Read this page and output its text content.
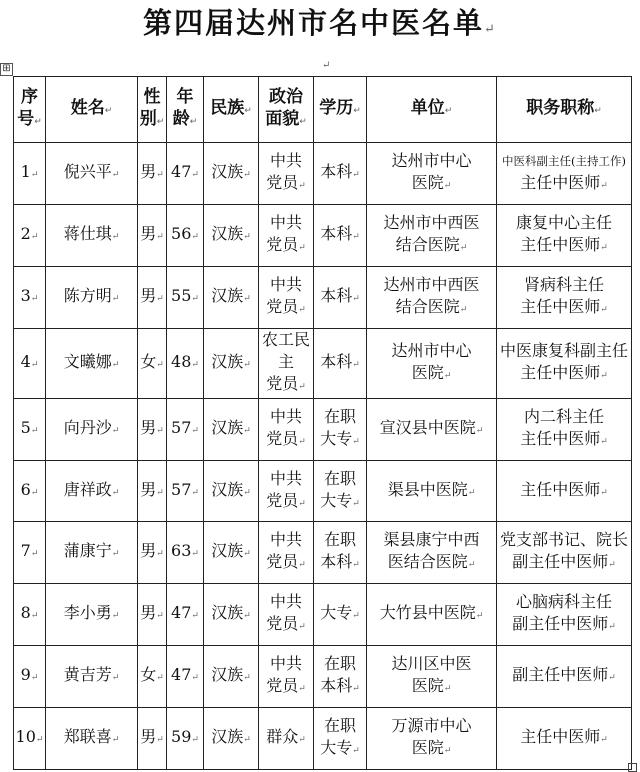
第四届达州市名中医名单↵
⊞	↵
序
号↵	姓名↵	性
别↵	年
龄↵	民族↵	政治
面貌↵	学历↵	单位↵	职务职称↵
1↵	倪兴平↵	男↵	47↵	汉族↵	中共
党员↵	本科↵	达州市中心
医院↵	中医科副主任(主持工作)
主任中医师↵
2↵	蒋仕琪↵	男↵	56↵	汉族↵	中共
党员↵	本科↵	达州市中西医
结合医院↵	康复中心主任
主任中医师↵
3↵	陈方明↵	男↵	55↵	汉族↵	中共
党员↵	本科↵	达州市中西医
结合医院↵	肾病科主任
主任中医师↵
4↵	文曦娜↵	女↵	48↵	汉族↵	农工民主
党员↵	本科↵	达州市中心
医院↵	中医康复科副主任
主任中医师↵
5↵	向丹沙↵	男↵	57↵	汉族↵	中共
党员↵	在职
大专↵	宣汉县中医院↵	内二科主任
主任中医师↵
6↵	唐祥政↵	男↵	57↵	汉族↵	中共
党员↵	在职
大专↵	渠县中医院↵	主任中医师↵
7↵	蒲康宁↵	男↵	63↵	汉族↵	中共
党员↵	在职
本科↵	渠县康宁中西
医结合医院↵	党支部书记、院长
副主任中医师↵
8↵	李小勇↵	男↵	47↵	汉族↵	中共
党员↵	大专↵	大竹县中医院↵	心脑病科主任
副主任中医师↵
9↵	黄吉芳↵	女↵	47↵	汉族↵	中共
党员↵	在职
本科↵	达川区中医
医院↵	副主任中医师↵
10↵	郑联喜↵	男↵	59↵	汉族↵	群众↵	在职
大专↵	万源市中心
医院↵	主任中医师↵
